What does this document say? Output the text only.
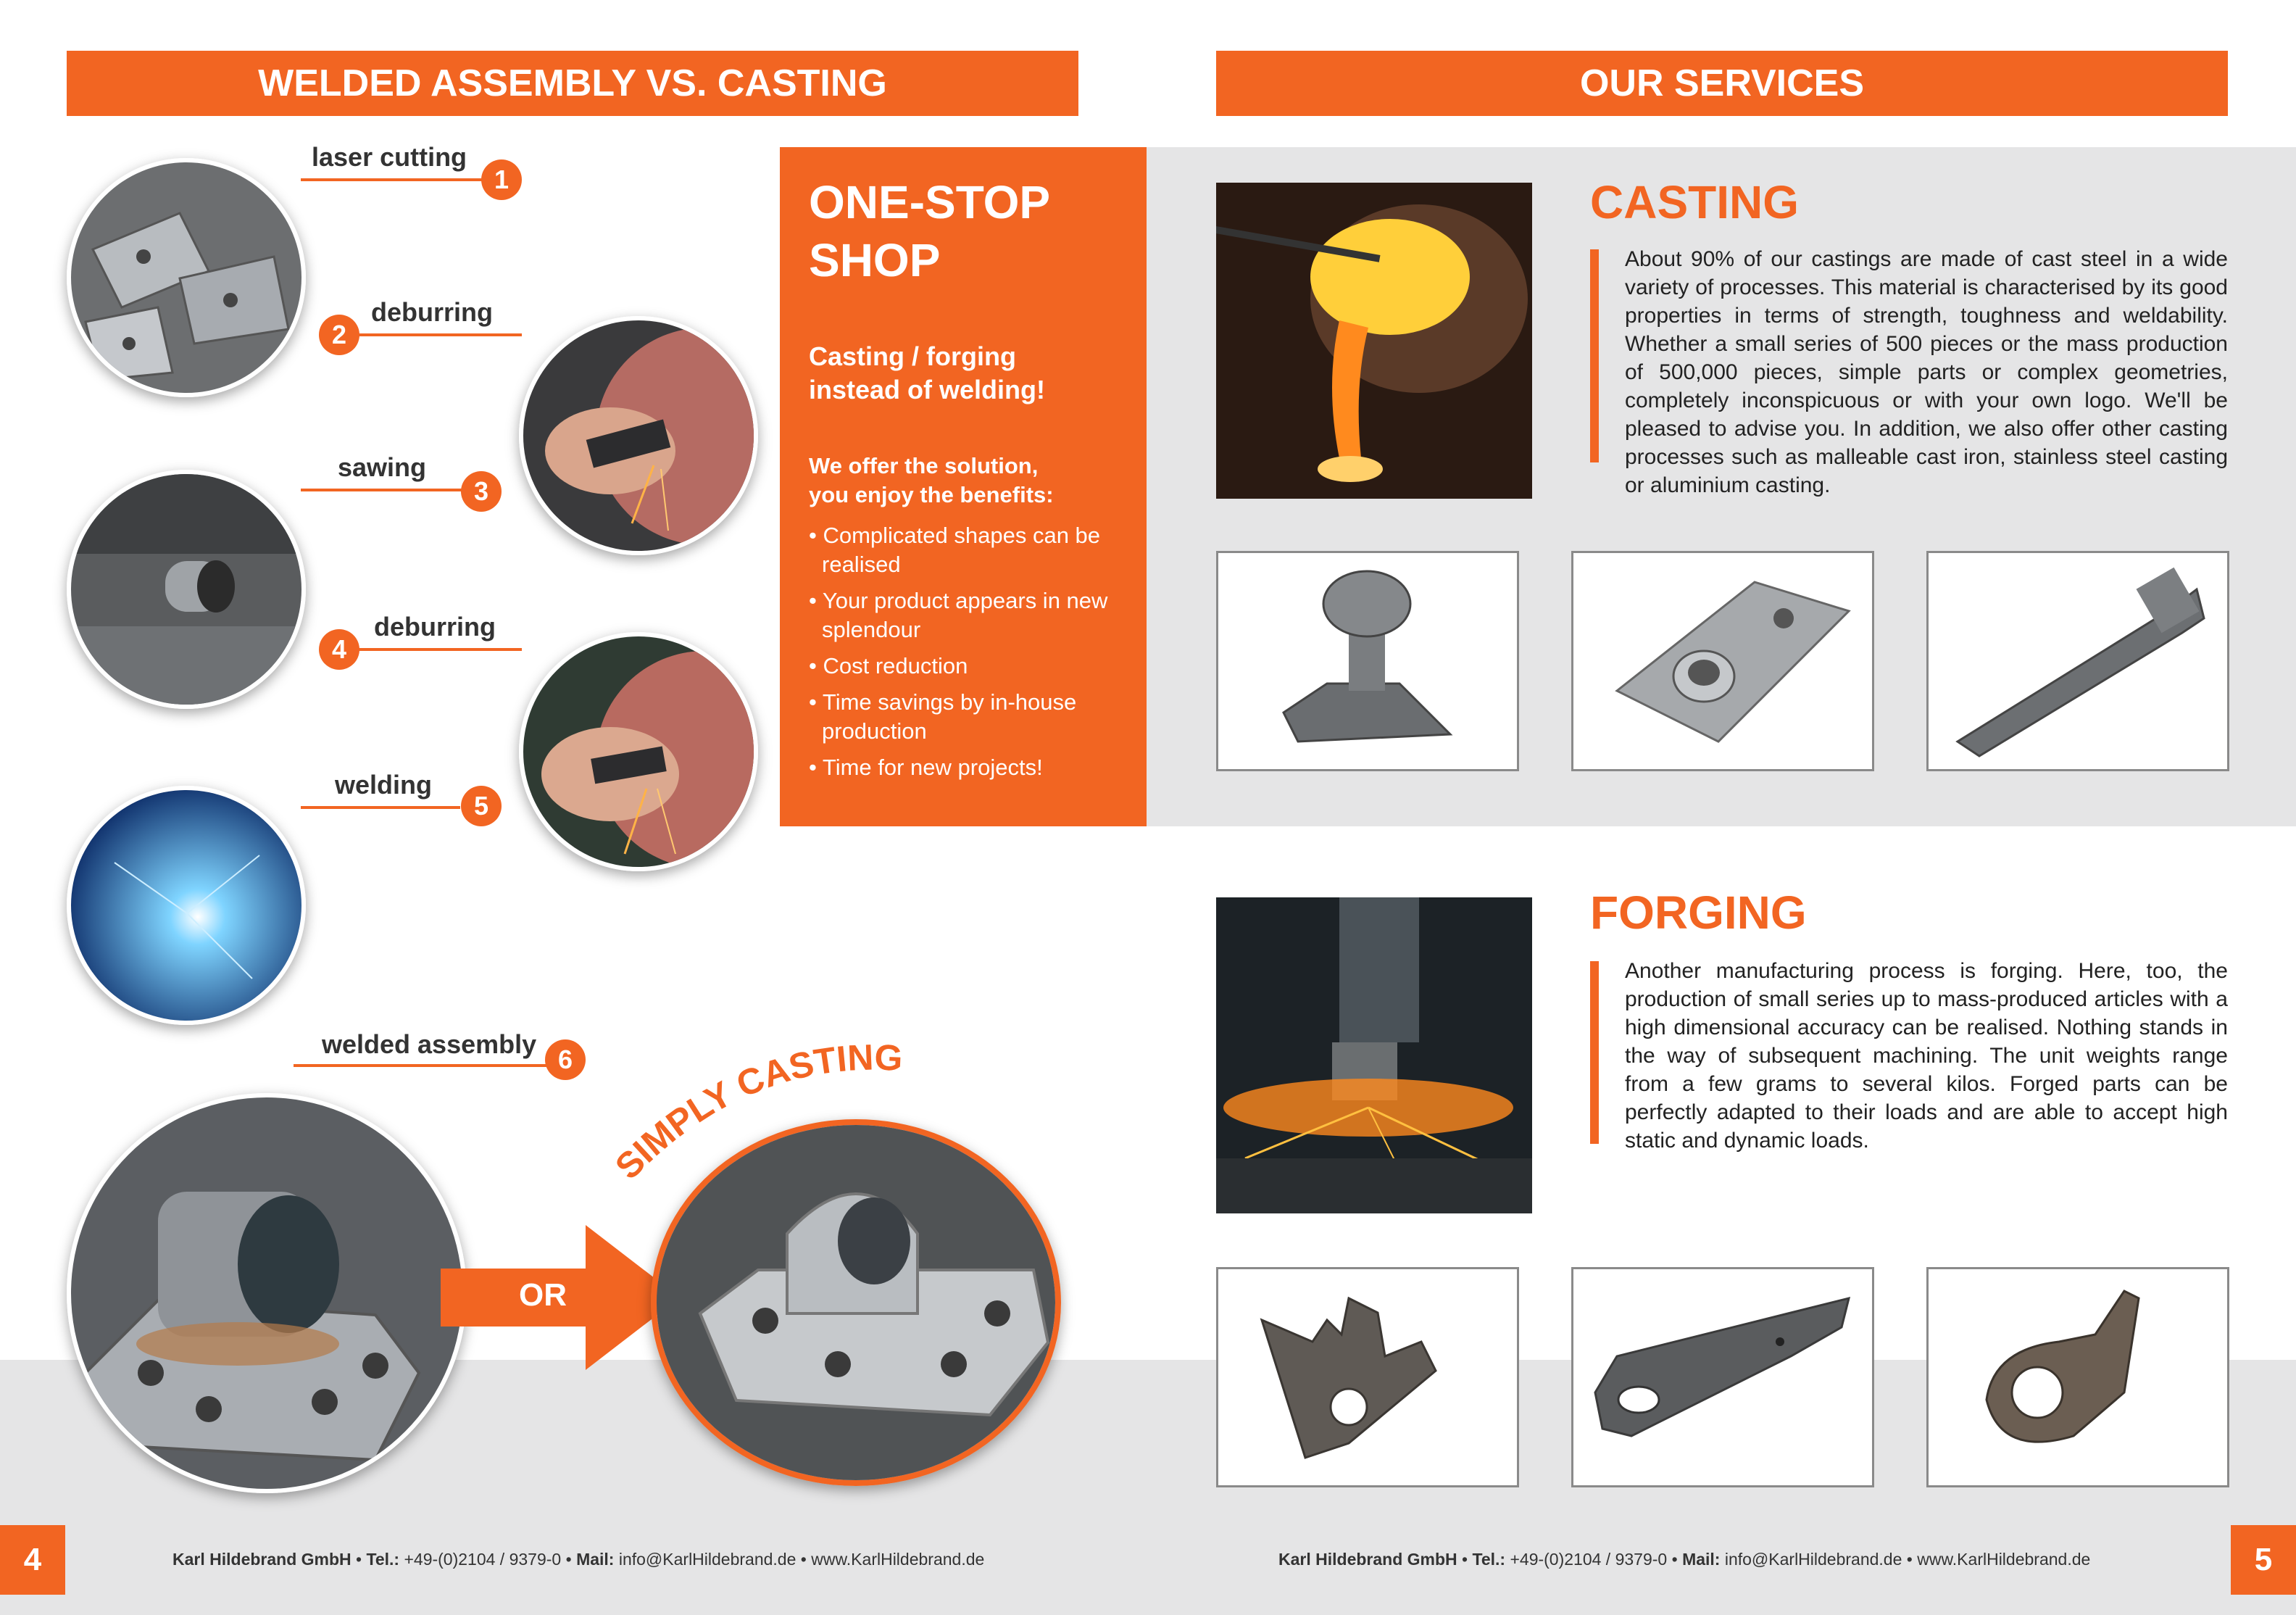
WELDED ASSEMBLY VS. CASTING	OUR SERVICES
laser cutting
1
deburring
2
sawing
3
deburring
4
welding
5
welded assembly
6
OR
SIMPLY CASTING
ONE-STOP
SHOP
Casting / forging
instead of welding!
We offer the solution,
you enjoy the benefits:
• Complicated shapes can be realised
• Your product appears in new splendour
• Cost reduction
• Time savings by in-house production
• Time for new projects!
CASTING
About 90% of our castings are made of cast steel in a wide variety of processes. This material is characterised by its good properties in terms of strength, toughness and weldability. Whether a small series of 500 pieces or the mass production of 500,000 pieces, simple parts or complex geometries, completely inconspicuous or with your own logo. We'll be pleased to advise you. In addition, we also offer other casting processes such as malleable cast iron, stainless steel casting or aluminium casting.
FORGING
Another manufacturing process is forging. Here, too, the production of small series up to mass-produced articles with a high dimensional accuracy can be realised. Nothing stands in the way of subsequent machining. The unit weights range from a few grams to several kilos. Forged parts can be perfectly adapted to their loads and are able to accept high static and dynamic loads.
4	Karl Hildebrand GmbH • Tel.: +49-(0)2104 / 9379-0 • Mail: info@KarlHildebrand.de • www.KarlHildebrand.de	Karl Hildebrand GmbH • Tel.: +49-(0)2104 / 9379-0 • Mail: info@KarlHildebrand.de • www.KarlHildebrand.de	5
